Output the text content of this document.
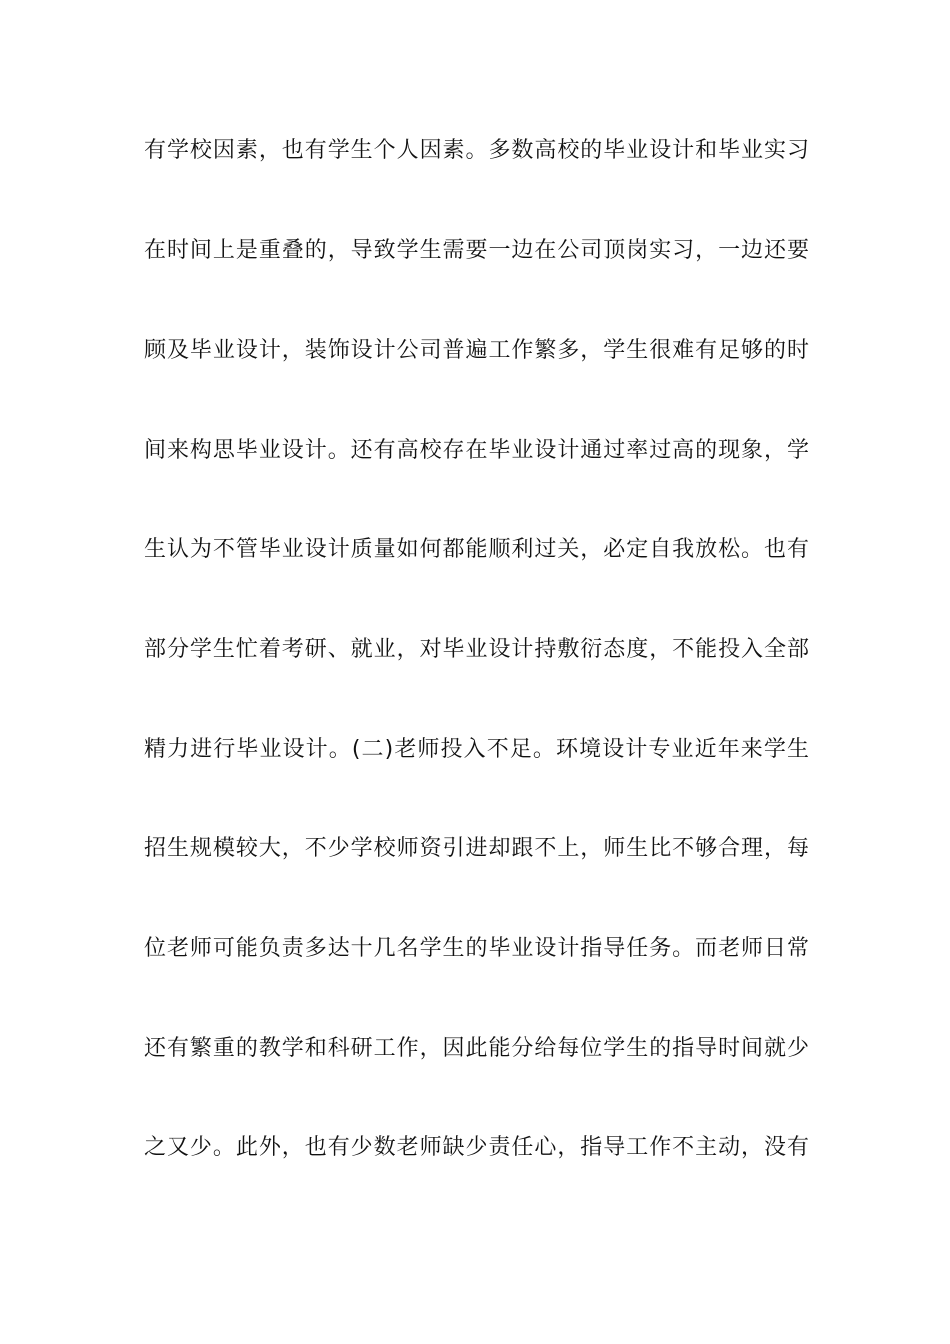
有学校因素，也有学生个人因素。多数高校的毕业设计和毕业实习
在时间上是重叠的，导致学生需要一边在公司顶岗实习，一边还要
顾及毕业设计，装饰设计公司普遍工作繁多，学生很难有足够的时
间来构思毕业设计。还有高校存在毕业设计通过率过高的现象，学
生认为不管毕业设计质量如何都能顺利过关，必定自我放松。也有
部分学生忙着考研、就业，对毕业设计持敷衍态度，不能投入全部
精力进行毕业设计。(二)老师投入不足。环境设计专业近年来学生
招生规模较大，不少学校师资引进却跟不上，师生比不够合理，每
位老师可能负责多达十几名学生的毕业设计指导任务。而老师日常
还有繁重的教学和科研工作，因此能分给每位学生的指导时间就少
之又少。此外，也有少数老师缺少责任心，指导工作不主动，没有
